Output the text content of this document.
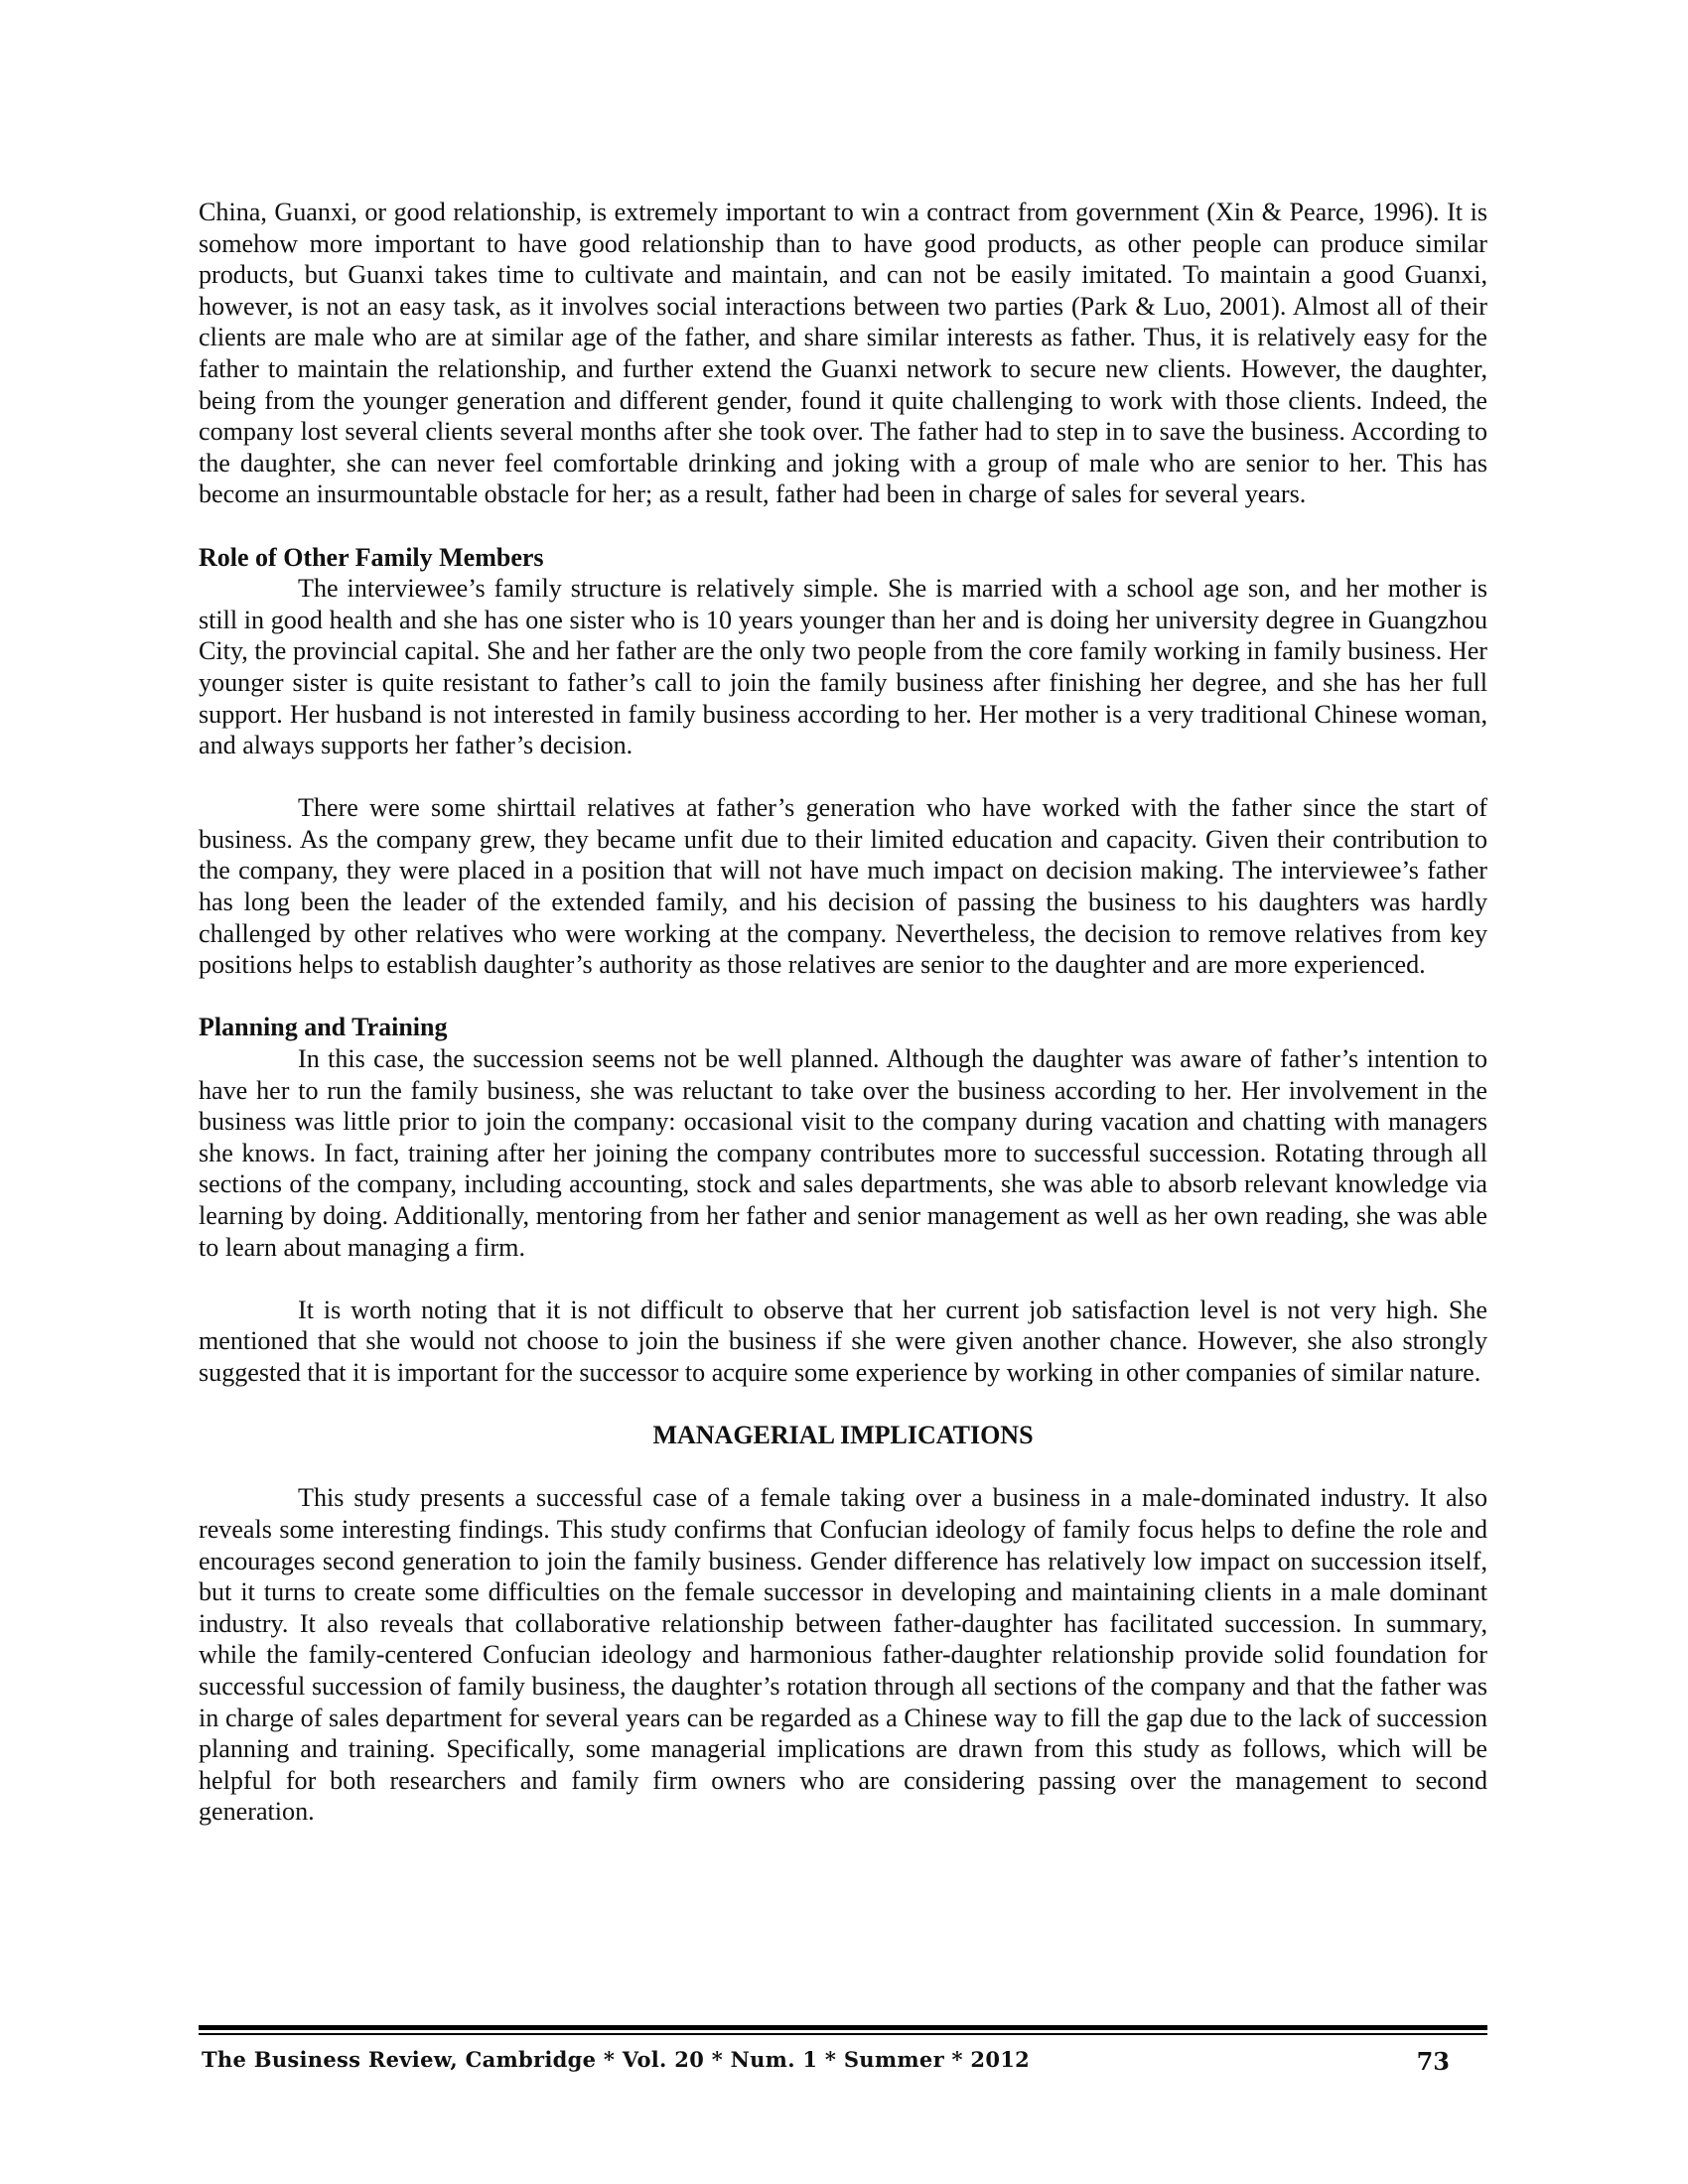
China, Guanxi, or good relationship, is extremely important to win a contract from government (Xin & Pearce, 1996). It is somehow more important to have good relationship than to have good products, as other people can produce similar products, but Guanxi takes time to cultivate and maintain, and can not be easily imitated. To maintain a good Guanxi, however, is not an easy task, as it involves social interactions between two parties (Park & Luo, 2001). Almost all of their clients are male who are at similar age of the father, and share similar interests as father. Thus, it is relatively easy for the father to maintain the relationship, and further extend the Guanxi network to secure new clients. However, the daughter, being from the younger generation and different gender, found it quite challenging to work with those clients. Indeed, the company lost several clients several months after she took over. The father had to step in to save the business. According to the daughter, she can never feel comfortable drinking and joking with a group of male who are senior to her. This has become an insurmountable obstacle for her; as a result, father had been in charge of sales for several years.

Role of Other Family Members

The interviewee’s family structure is relatively simple. She is married with a school age son, and her mother is still in good health and she has one sister who is 10 years younger than her and is doing her university degree in Guangzhou City, the provincial capital. She and her father are the only two people from the core family working in family business. Her younger sister is quite resistant to father’s call to join the family business after finishing her degree, and she has her full support. Her husband is not interested in family business according to her. Her mother is a very traditional Chinese woman, and always supports her father’s decision.

There were some shirttail relatives at father’s generation who have worked with the father since the start of business. As the company grew, they became unfit due to their limited education and capacity. Given their contribution to the company, they were placed in a position that will not have much impact on decision making. The interviewee’s father has long been the leader of the extended family, and his decision of passing the business to his daughters was hardly challenged by other relatives who were working at the company. Nevertheless, the decision to remove relatives from key positions helps to establish daughter’s authority as those relatives are senior to the daughter and are more experienced.

Planning and Training

In this case, the succession seems not be well planned. Although the daughter was aware of father’s intention to have her to run the family business, she was reluctant to take over the business according to her. Her involvement in the business was little prior to join the company: occasional visit to the company during vacation and chatting with managers she knows. In fact, training after her joining the company contributes more to successful succession. Rotating through all sections of the company, including accounting, stock and sales departments, she was able to absorb relevant knowledge via learning by doing. Additionally, mentoring from her father and senior management as well as her own reading, she was able to learn about managing a firm.

It is worth noting that it is not difficult to observe that her current job satisfaction level is not very high. She mentioned that she would not choose to join the business if she were given another chance. However, she also strongly suggested that it is important for the successor to acquire some experience by working in other companies of similar nature.

MANAGERIAL IMPLICATIONS

This study presents a successful case of a female taking over a business in a male-dominated industry. It also reveals some interesting findings. This study confirms that Confucian ideology of family focus helps to define the role and encourages second generation to join the family business. Gender difference has relatively low impact on succession itself, but it turns to create some difficulties on the female successor in developing and maintaining clients in a male dominant industry. It also reveals that collaborative relationship between father-daughter has facilitated succession. In summary, while the family-centered Confucian ideology and harmonious father-daughter relationship provide solid foundation for successful succession of family business, the daughter’s rotation through all sections of the company and that the father was in charge of sales department for several years can be regarded as a Chinese way to fill the gap due to the lack of succession planning and training. Specifically, some managerial implications are drawn from this study as follows, which will be helpful for both researchers and family firm owners who are considering passing over the management to second generation.

The Business Review, Cambridge * Vol. 20 * Num. 1 * Summer * 2012	73
